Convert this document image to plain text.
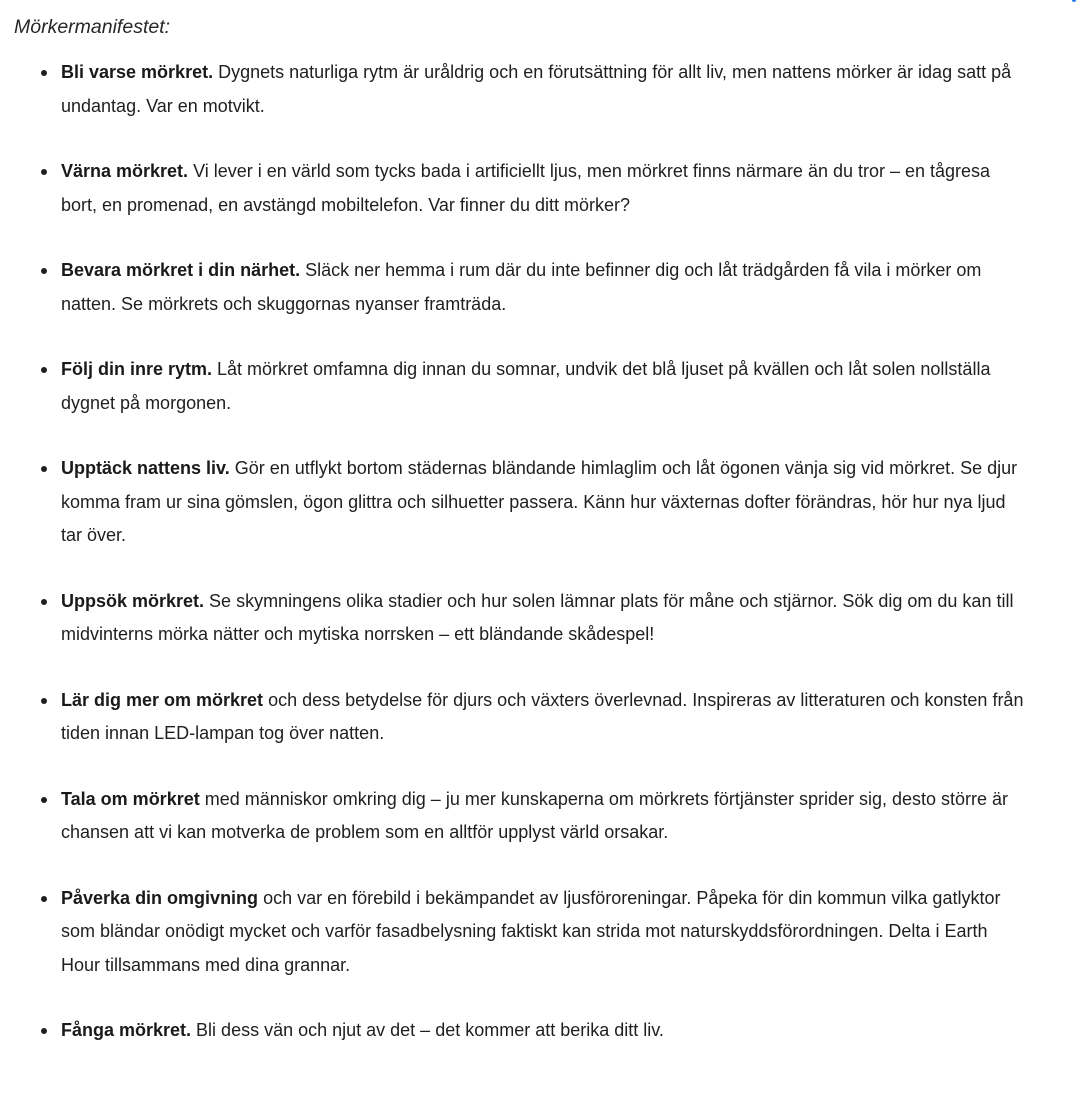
Mörkermanifestet:

Bli varse mörkret. Dygnets naturliga rytm är uråldrig och en förutsättning för allt liv, men nattens mörker är idag satt på undantag. Var en motvikt.
Värna mörkret. Vi lever i en värld som tycks bada i artificiellt ljus, men mörkret finns närmare än du tror – en tågresa bort, en promenad, en avstängd mobiltelefon. Var finner du ditt mörker?
Bevara mörkret i din närhet. Släck ner hemma i rum där du inte befinner dig och låt trädgården få vila i mörker om natten. Se mörkrets och skuggornas nyanser framträda.
Följ din inre rytm. Låt mörkret omfamna dig innan du somnar, undvik det blå ljuset på kvällen och låt solen nollställa dygnet på morgonen.
Upptäck nattens liv. Gör en utflykt bortom städernas bländande himlaglim och låt ögonen vänja sig vid mörkret. Se djur komma fram ur sina gömslen, ögon glittra och silhuetter passera. Känn hur växternas dofter förändras, hör hur nya ljud tar över.
Uppsök mörkret. Se skymningens olika stadier och hur solen lämnar plats för måne och stjärnor. Sök dig om du kan till midvinterns mörka nätter och mytiska norrsken – ett bländande skådespel!
Lär dig mer om mörkret och dess betydelse för djurs och växters överlevnad. Inspireras av litteraturen och konsten från tiden innan LED-lampan tog över natten.
Tala om mörkret med människor omkring dig – ju mer kunskaperna om mörkrets förtjänster sprider sig, desto större är chansen att vi kan motverka de problem som en alltför upplyst värld orsakar.
Påverka din omgivning och var en förebild i bekämpandet av ljusföroreningar. Påpeka för din kommun vilka gatlyktor som bländar onödigt mycket och varför fasadbelysning faktiskt kan strida mot naturskyddsförordningen. Delta i Earth Hour tillsammans med dina grannar.
Fånga mörkret. Bli dess vän och njut av det – det kommer att berika ditt liv.
